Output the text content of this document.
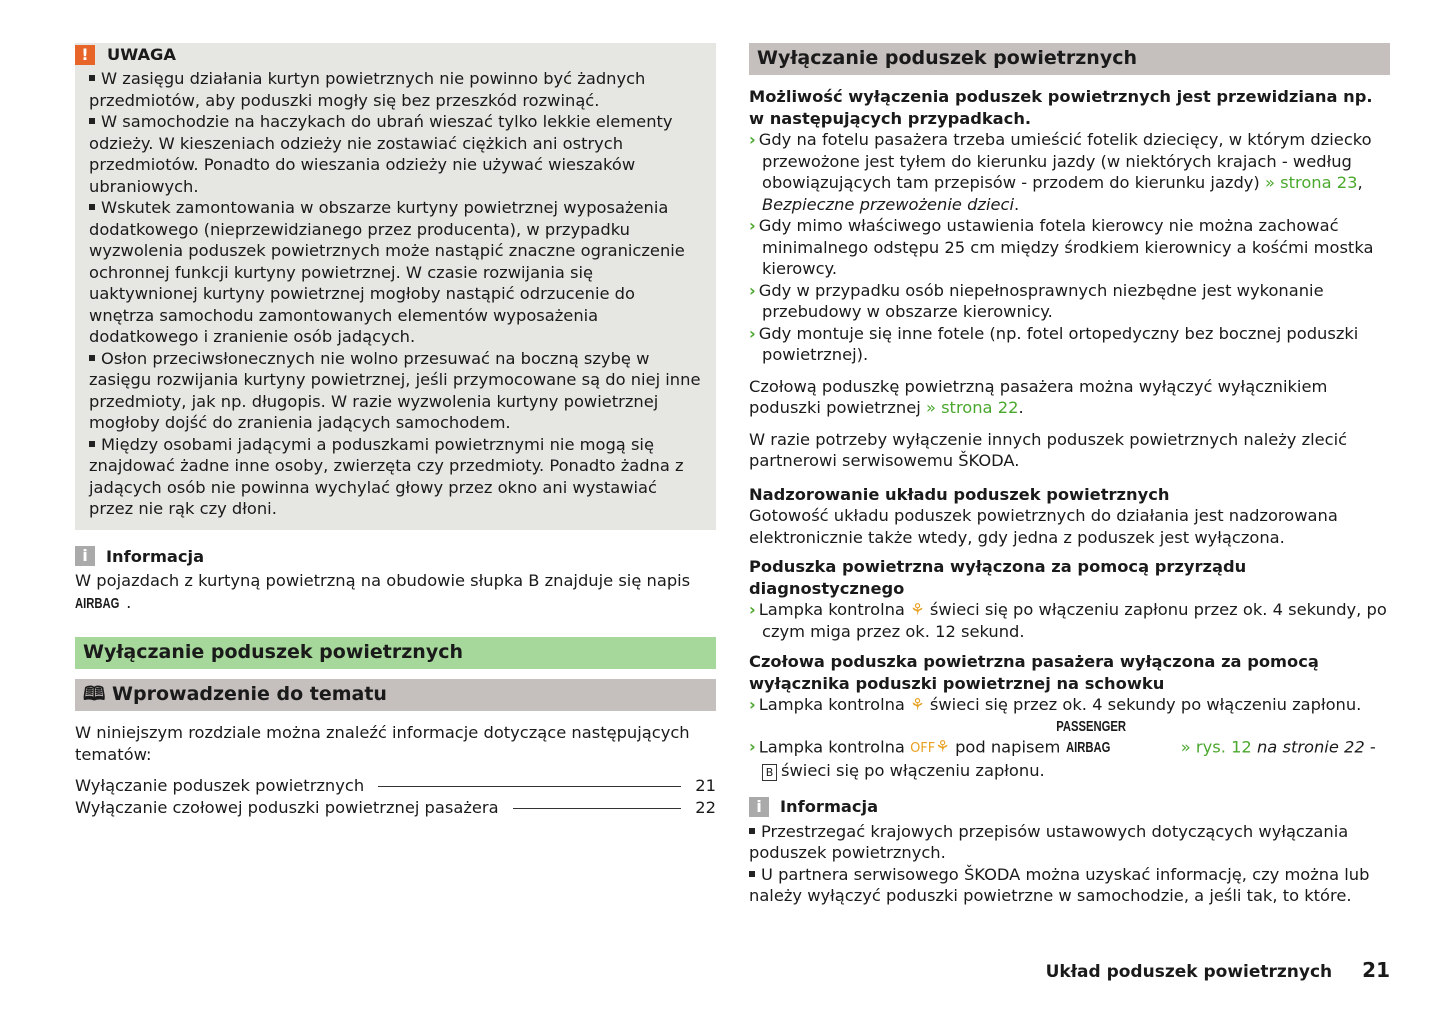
!	UWAGA

W zasięgu działania kurtyn powietrznych nie powinno być żadnych przedmiotów, aby poduszki mogły się bez przeszkód rozwinąć.

W samochodzie na haczykach do ubrań wieszać tylko lekkie elementy odzieży. W kieszeniach odzieży nie zostawiać ciężkich ani ostrych przedmiotów. Ponadto do wieszania odzieży nie używać wieszaków ubraniowych.

Wskutek zamontowania w obszarze kurtyny powietrznej wyposażenia dodatkowego (nieprzewidzianego przez producenta), w przypadku wyzwolenia poduszek powietrznych może nastąpić znaczne ograniczenie ochronnej funkcji kurtyny powietrznej. W czasie rozwijania się uaktywnionej kurtyny powietrznej mogłoby nastąpić odrzucenie do wnętrza samochodu zamontowanych elementów wyposażenia dodatkowego i zranienie osób jadących.

Osłon przeciwsłonecznych nie wolno przesuwać na boczną szybę w zasięgu rozwijania kurtyny powietrznej, jeśli przymocowane są do niej inne przedmioty, jak np. długopis. W razie wyzwolenia kurtyny powietrznej mogłoby dojść do zranienia jadących samochodem.

Między osobami jadącymi a poduszkami powietrznymi nie mogą się znajdować żadne inne osoby, zwierzęta czy przedmioty. Ponadto żadna z jadących osób nie powinna wychylać głowy przez okno ani wystawiać przez nie rąk czy dłoni.

i	Informacja

W pojazdach z kurtyną powietrzną na obudowie słupka B znajduje się napis
AIRBAG .

Wyłączanie poduszek powietrznych
🕮 Wprowadzenie do tematu

W niniejszym rozdziale można znaleźć informacje dotyczące następujących tematów:

Wyłączanie poduszek powietrznych	21
Wyłączanie czołowej poduszki powietrznej pasażera	22
Wyłączanie poduszek powietrznych

Możliwość wyłączenia poduszek powietrznych jest przewidziana np. w następujących przypadkach.

› Gdy na fotelu pasażera trzeba umieścić fotelik dziecięcy, w którym dziecko przewożone jest tyłem do kierunku jazdy (w niektórych krajach - według obowiązujących tam przepisów - przodem do kierunku jazdy) » strona 23, Bezpieczne przewożenie dzieci.

› Gdy mimo właściwego ustawienia fotela kierowcy nie można zachować minimalnego odstępu 25 cm między środkiem kierownicy a kośćmi mostka kierowcy.

› Gdy w przypadku osób niepełnosprawnych niezbędne jest wykonanie przebudowy w obszarze kierownicy.

› Gdy montuje się inne fotele (np. fotel ortopedyczny bez bocznej poduszki powietrznej).

Czołową poduszkę powietrzną pasażera można wyłączyć wyłącznikiem poduszki powietrznej » strona 22.

W razie potrzeby wyłączenie innych poduszek powietrznych należy zlecić partnerowi serwisowemu ŠKODA.

Nadzorowanie układu poduszek powietrznych

Gotowość układu poduszek powietrznych do działania jest nadzorowana elektronicznie także wtedy, gdy jedna z poduszek jest wyłączona.

Poduszka powietrzna wyłączona za pomocą przyrządu diagnostycznego

› Lampka kontrolna ⚘ świeci się po włączeniu zapłonu przez ok. 4 sekundy, po czym miga przez ok. 12 sekund.

Czołowa poduszka powietrzna pasażera wyłączona za pomocą wyłącznika poduszki powietrznej na schowku

› Lampka kontrolna ⚘ świeci się przez ok. 4 sekundy po włączeniu zapłonu.

› Lampka kontrolna OFF⚘ pod napisem PASSENGER AIRBAG	» rys. 12 na stronie 22 -
B świeci się po włączeniu zapłonu.

i	Informacja

Przestrzegać krajowych przepisów ustawowych dotyczących wyłączania poduszek powietrznych.

U partnera serwisowego ŠKODA można uzyskać informację, czy można lub należy wyłączyć poduszki powietrzne w samochodzie, a jeśli tak, to które.

Układ poduszek powietrznych 21
